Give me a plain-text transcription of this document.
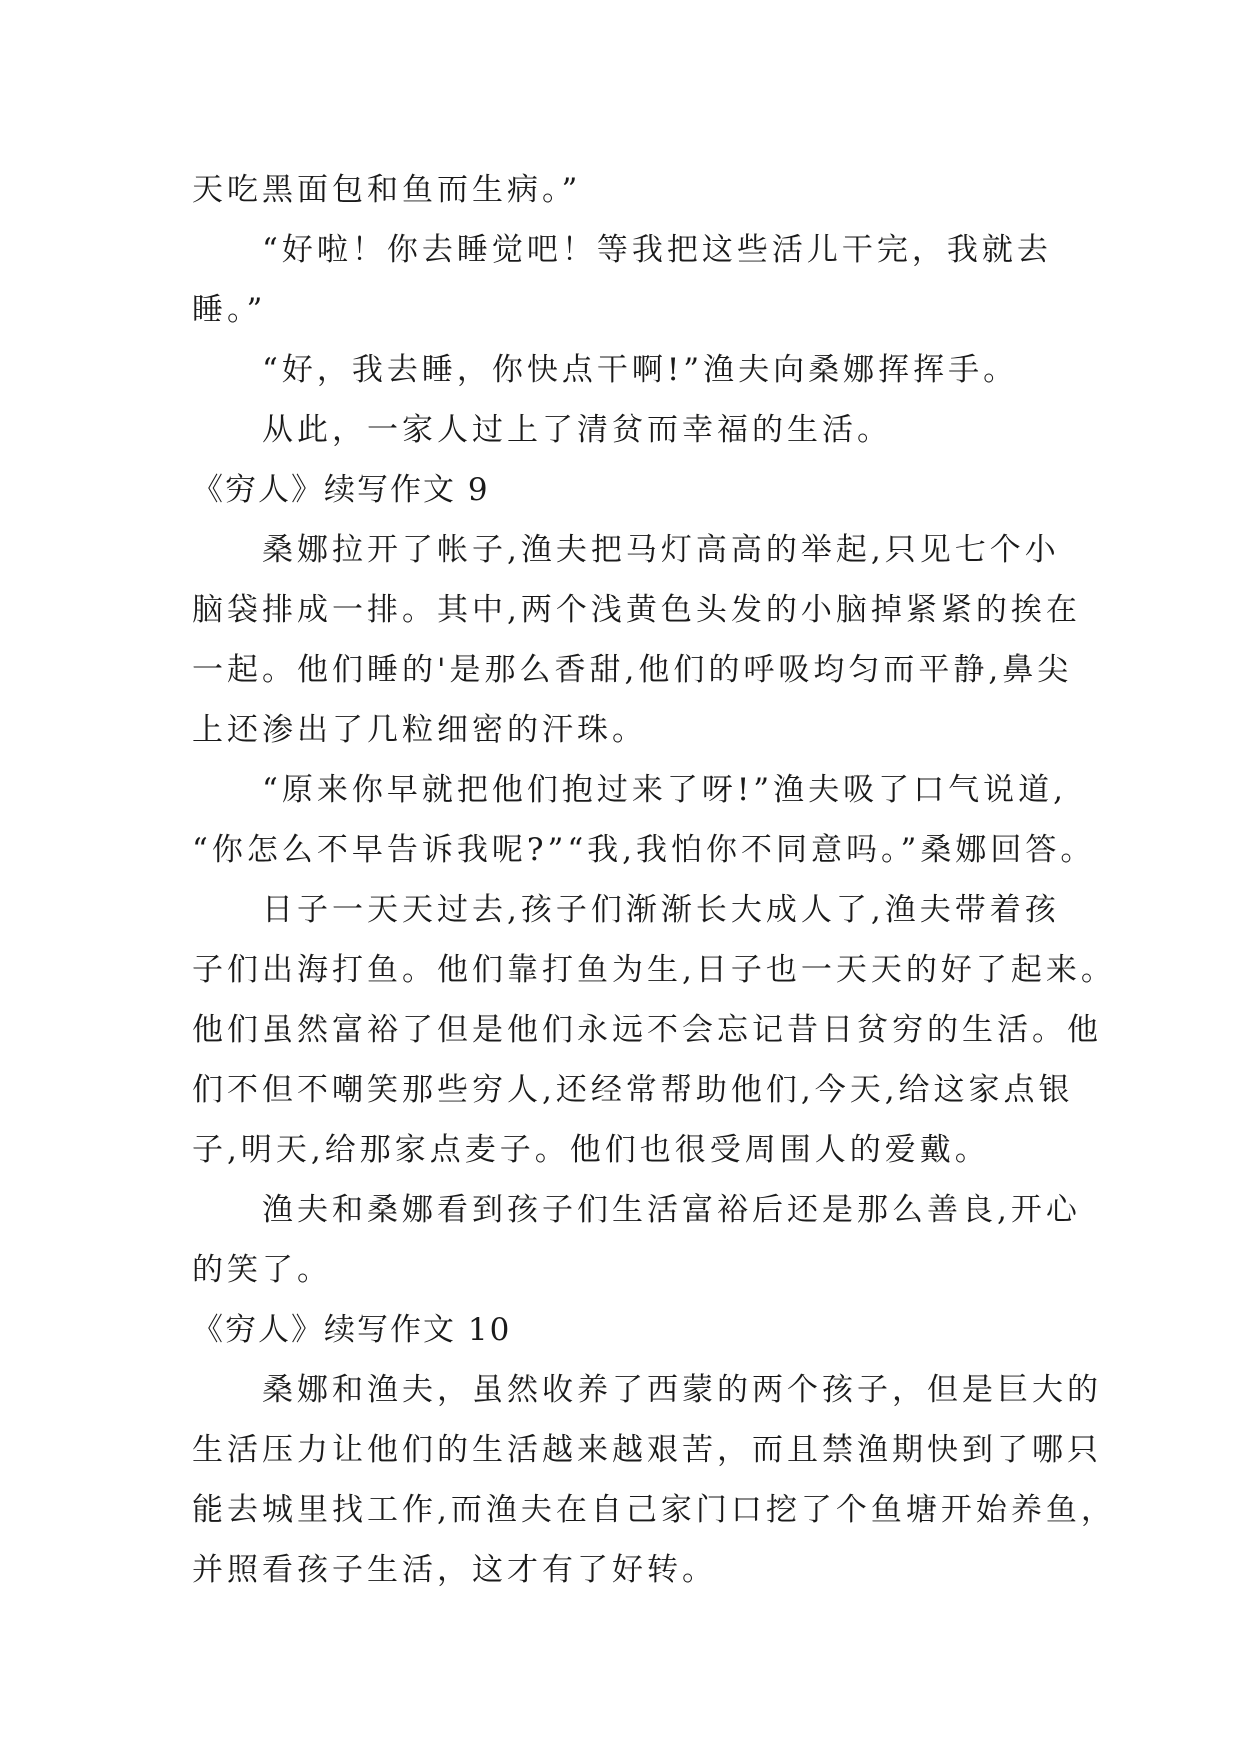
天吃黑面包和鱼而生病。”
“好啦！你去睡觉吧！等我把这些活儿干完，我就去
睡。”
“好，我去睡，你快点干啊!”渔夫向桑娜挥挥手。
从此，一家人过上了清贫而幸福的生活。
《穷人》续写作文 9
桑娜拉开了帐子,渔夫把马灯高高的举起,只见七个小
脑袋排成一排。其中,两个浅黄色头发的小脑掉紧紧的挨在
一起。他们睡的'是那么香甜,他们的呼吸均匀而平静,鼻尖
上还渗出了几粒细密的汗珠。
“原来你早就把他们抱过来了呀!”渔夫吸了口气说道,
“你怎么不早告诉我呢?”“我,我怕你不同意吗。”桑娜回答。
日子一天天过去,孩子们渐渐长大成人了,渔夫带着孩
子们出海打鱼。他们靠打鱼为生,日子也一天天的好了起来。
他们虽然富裕了但是他们永远不会忘记昔日贫穷的生活。他
们不但不嘲笑那些穷人,还经常帮助他们,今天,给这家点银
子,明天,给那家点麦子。他们也很受周围人的爱戴。
渔夫和桑娜看到孩子们生活富裕后还是那么善良,开心
的笑了。
《穷人》续写作文 10
桑娜和渔夫，虽然收养了西蒙的两个孩子，但是巨大的
生活压力让他们的生活越来越艰苦，而且禁渔期快到了哪只
能去城里找工作,而渔夫在自己家门口挖了个鱼塘开始养鱼，
并照看孩子生活，这才有了好转。
